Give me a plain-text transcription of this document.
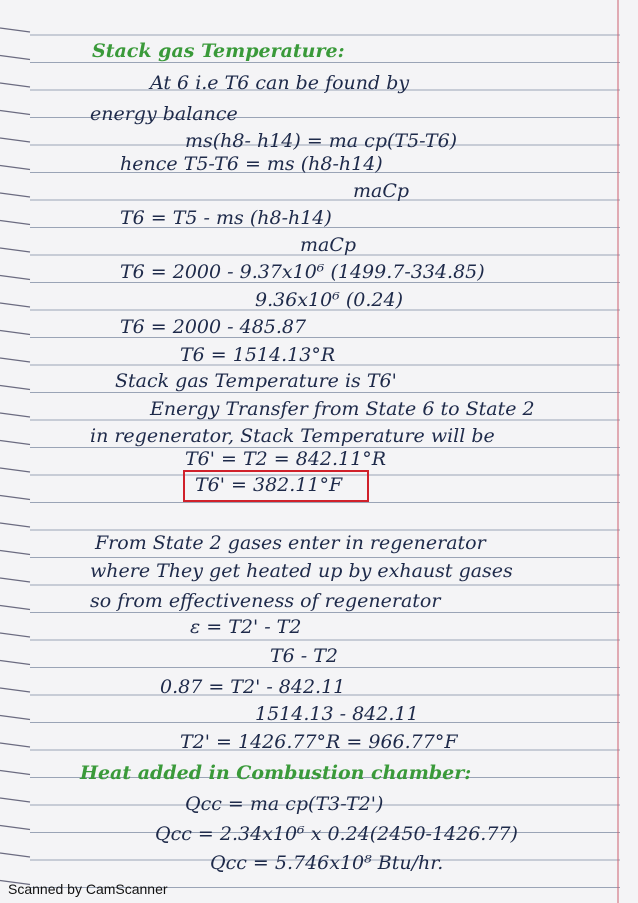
Stack gas Temperature:
At 6 i.e T6 can be found by
energy balance
ms(h8- h14) = ma cp(T5-T6)
hence T5-T6 = ms (h8-h14)
maCp
T6 = T5 - ms (h8-h14)
maCp
T6 = 2000 - 9.37x10⁶ (1499.7-334.85)
9.36x10⁶ (0.24)
T6 = 2000 - 485.87
T6 = 1514.13°R
Stack gas Temperature is T6'
Energy Transfer from State 6 to State 2
in regenerator, Stack Temperature will be
T6' = T2 = 842.11°R
T6' = 382.11°F
From State 2 gases enter in regenerator
where They get heated up by exhaust gases
so from effectiveness of regenerator
ε = T2' - T2
T6 - T2
0.87 = T2' - 842.11
1514.13 - 842.11
T2' = 1426.77°R = 966.77°F
Heat added in Combustion chamber:
Qcc = ma cp(T3-T2')
Qcc = 2.34x10⁶ x 0.24(2450-1426.77)
Qcc = 5.746x10⁸ Btu/hr.
Scanned by CamScanner
